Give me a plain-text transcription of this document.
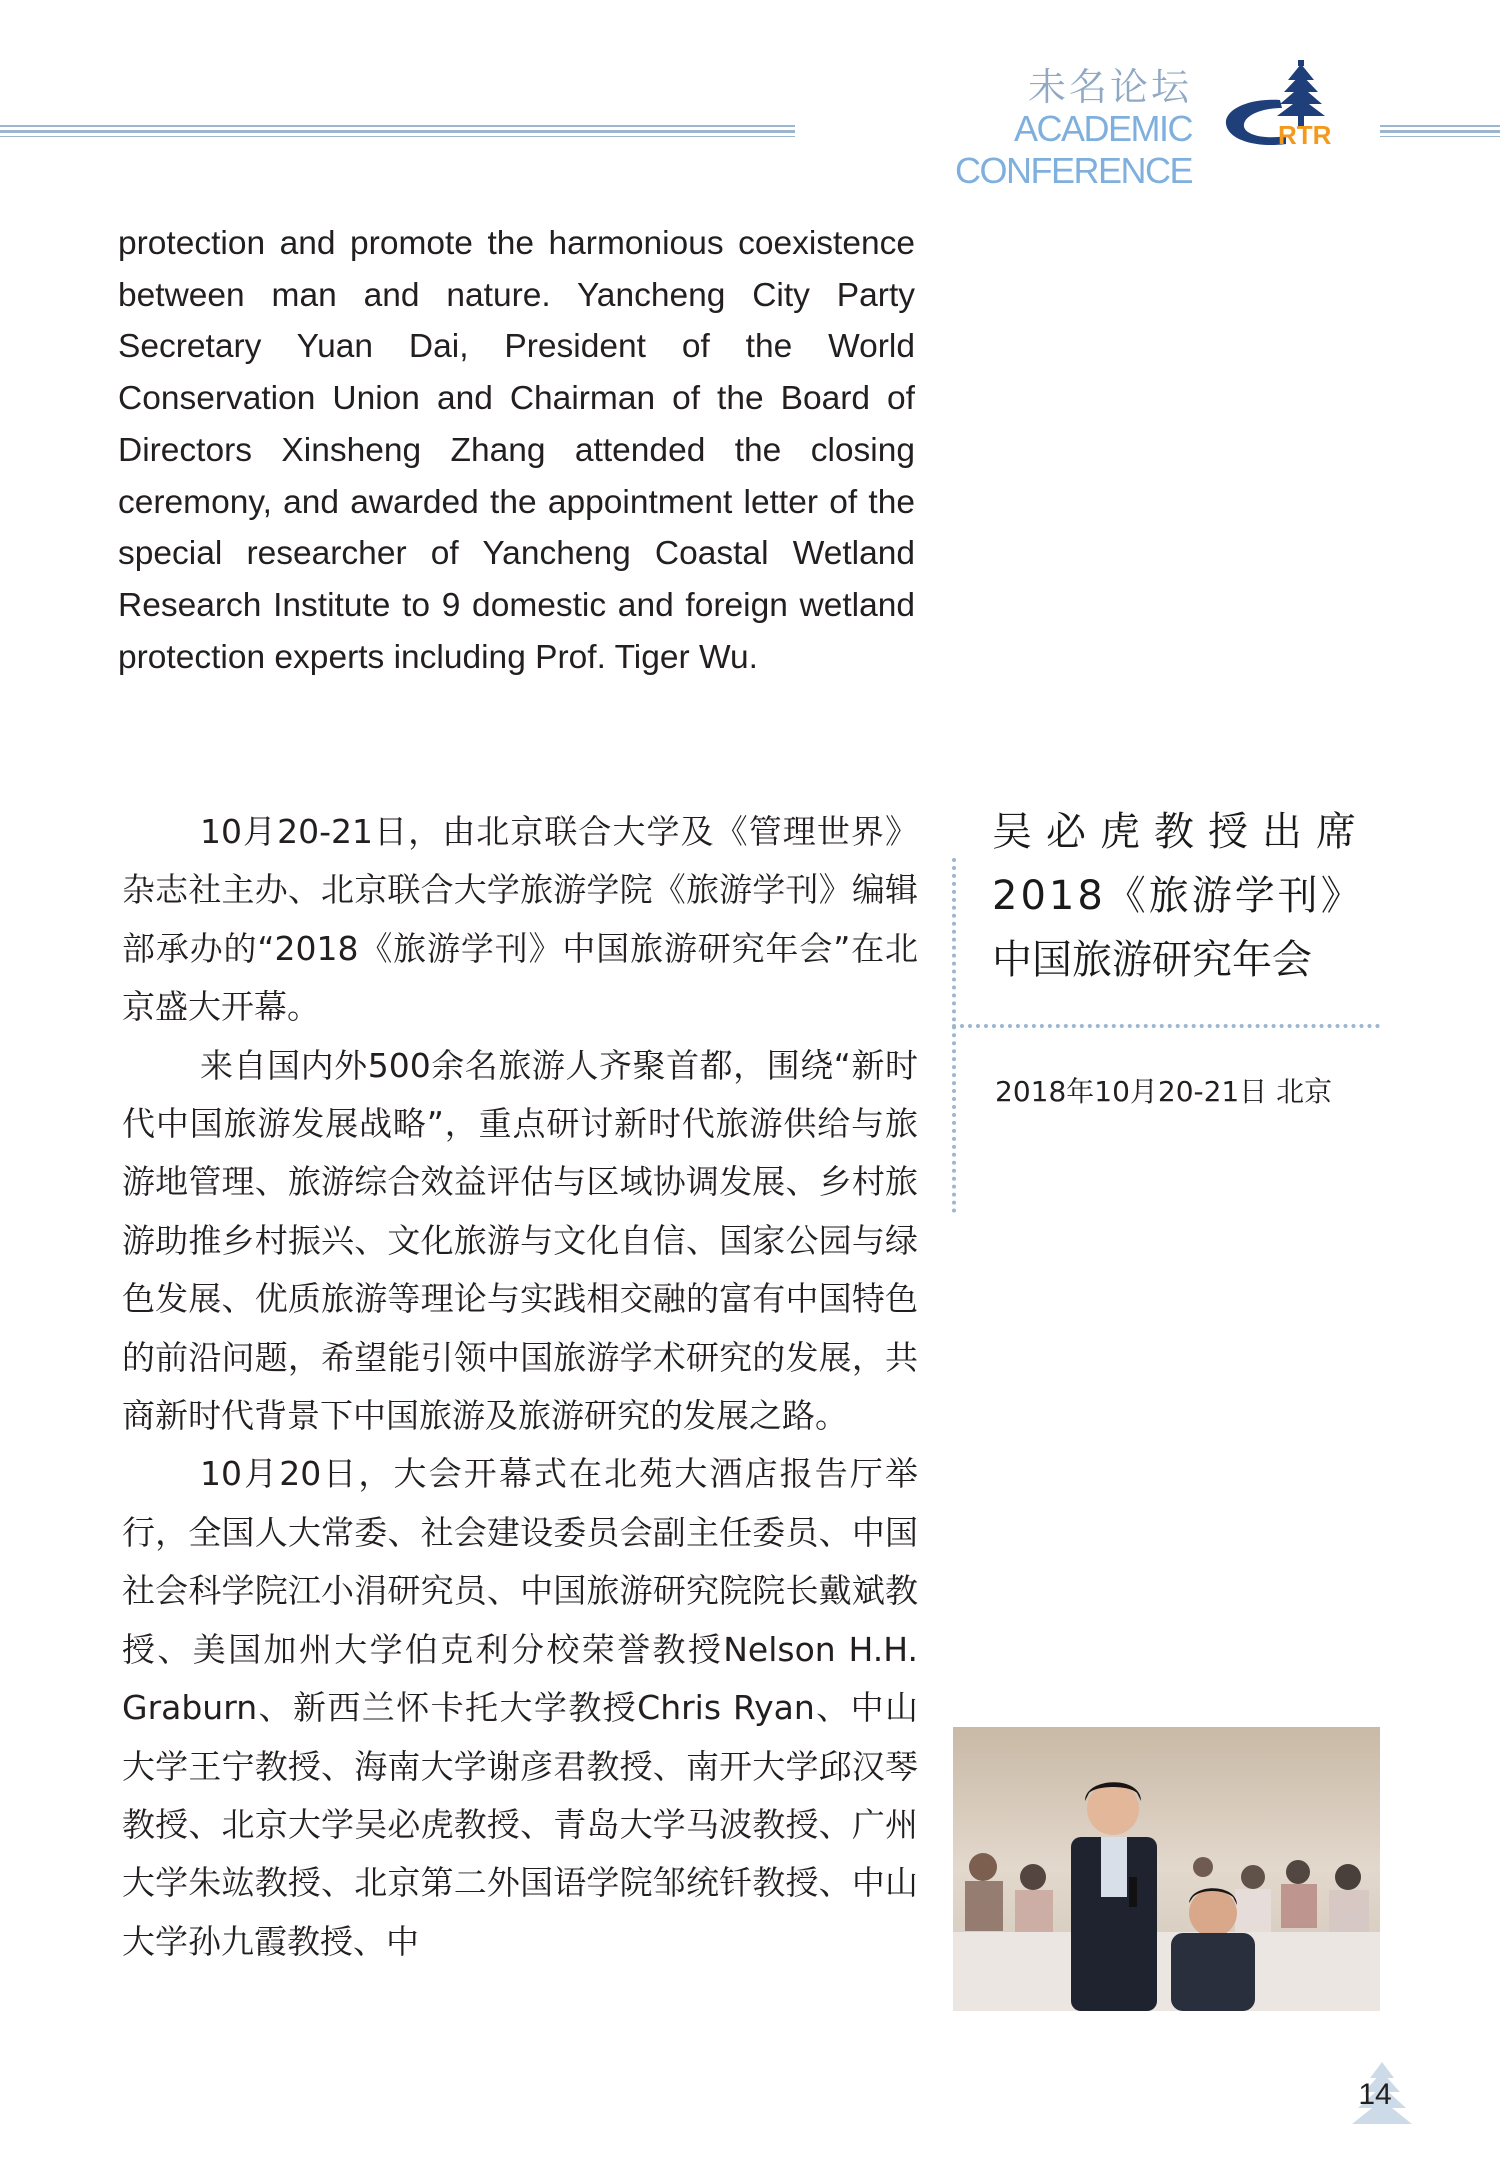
未名论坛
ACADEMIC CONFERENCE
RTR

protection and promote the harmonious coexistence between man and nature. Yancheng City Party Secretary Yuan Dai, President of the World Conservation Union and Chairman of the Board of Directors Xinsheng Zhang attended the closing ceremony, and awarded the appointment letter of the special researcher of Yancheng Coastal Wetland Research Institute to 9 domestic and foreign wetland protection experts including Prof. Tiger Wu.

10月20-21日，由北京联合大学及《管理世界》杂志社主办、北京联合大学旅游学院《旅游学刊》编辑部承办的“2018《旅游学刊》中国旅游研究年会”在北京盛大开幕。

来自国内外500余名旅游人齐聚首都，围绕“新时代中国旅游发展战略”，重点研讨新时代旅游供给与旅游地管理、旅游综合效益评估与区域协调发展、乡村旅游助推乡村振兴、文化旅游与文化自信、国家公园与绿色发展、优质旅游等理论与实践相交融的富有中国特色的前沿问题，希望能引领中国旅游学术研究的发展，共商新时代背景下中国旅游及旅游研究的发展之路。

10月20日，大会开幕式在北苑大酒店报告厅举行，全国人大常委、社会建设委员会副主任委员、中国社会科学院江小涓研究员、中国旅游研究院院长戴斌教授、美国加州大学伯克利分校荣誉教授Nelson H.H. Graburn、新西兰怀卡托大学教授Chris Ryan、中山大学王宁教授、海南大学谢彦君教授、南开大学邱汉琴教授、北京大学吴必虎教授、青岛大学马波教授、广州大学朱竑教授、北京第二外国语学院邹统钎教授、中山大学孙九霞教授、中

吴必虎教授出席
2018《旅游学刊》
中国旅游研究年会
2018年10月20-21日 北京
14
